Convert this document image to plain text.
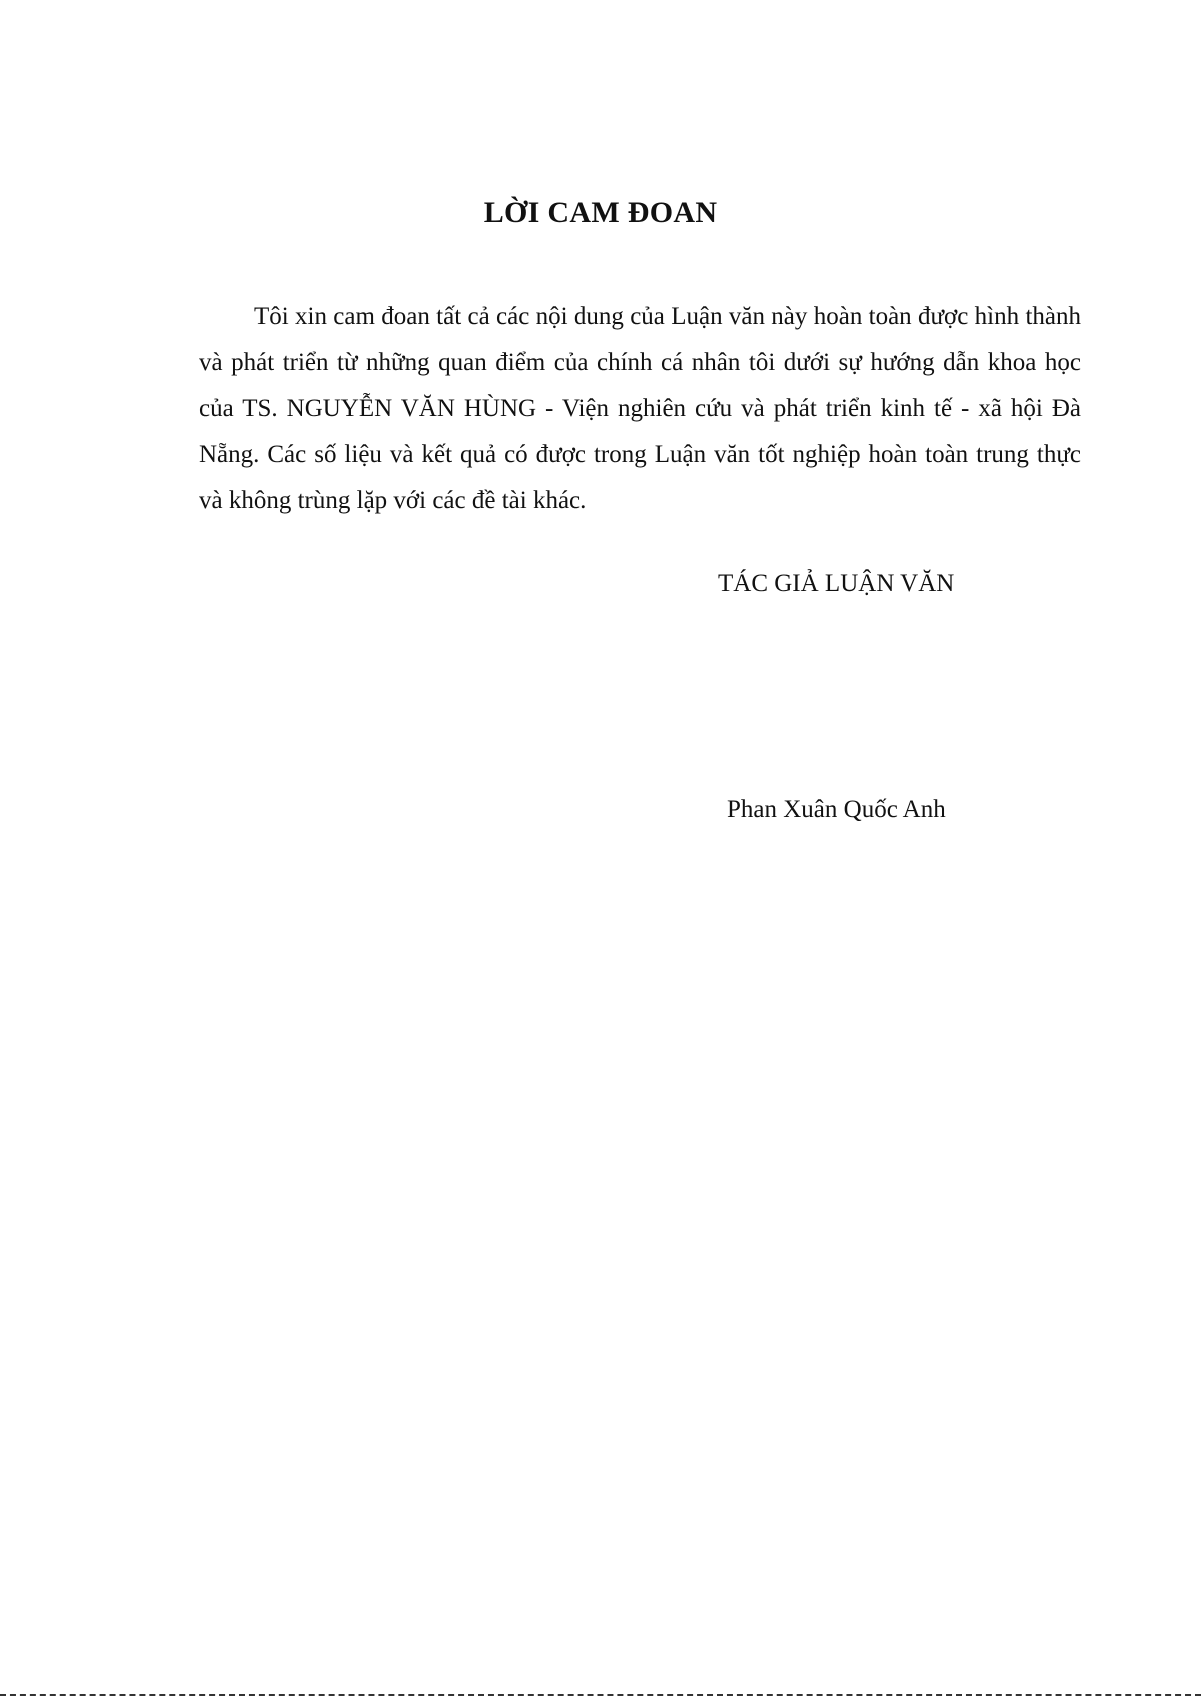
LỜI CAM ĐOAN

Tôi xin cam đoan tất cả các nội dung của Luận văn này hoàn toàn được hình thành và phát triển từ những quan điểm của chính cá nhân tôi dưới sự hướng dẫn khoa học của TS. NGUYỄN VĂN HÙNG - Viện nghiên cứu và phát triển kinh tế - xã hội Đà Nẵng. Các số liệu và kết quả có được trong Luận văn tốt nghiệp hoàn toàn trung thực và không trùng lặp với các đề tài khác.

TÁC GIẢ LUẬN VĂN

Phan Xuân Quốc Anh
